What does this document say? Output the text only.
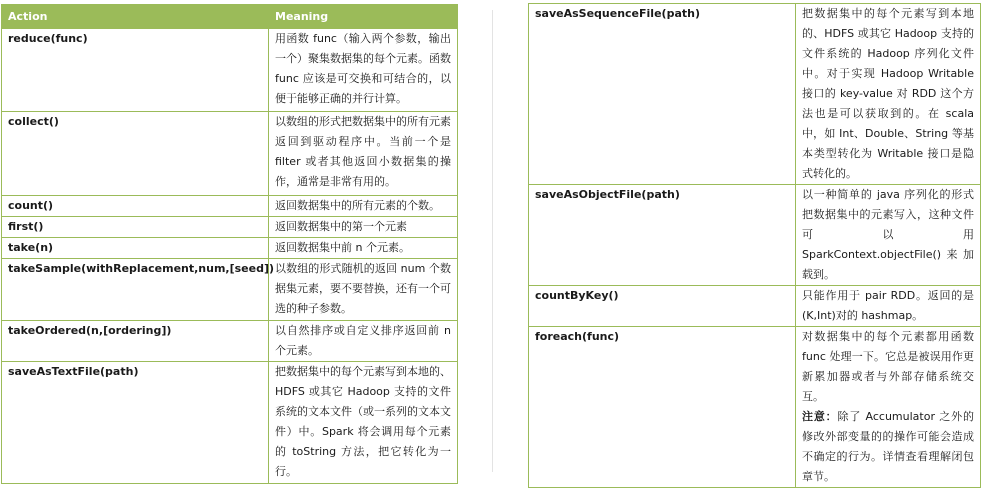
Action	Meaning
reduce(func)	用函数 func（输入两个参数，输出一个）聚集数据集的每个元素。函数 func 应该是可交换和可结合的，以便于能够正确的并行计算。
collect()	以数组的形式把数据集中的所有元素返回到驱动程序中。当前一个是 filter 或者其他返回小数据集的操作，通常是非常有用的。
count()	返回数据集中的所有元素的个数。
first()	返回数据集中的第一个元素
take(n)	返回数据集中前 n 个元素。
takeSample(withReplacement,num,[seed])	以数组的形式随机的返回 num 个数据集元素，要不要替换，还有一个可选的种子参数。
takeOrdered(n,[ordering])	以自然排序或自定义排序返回前 n 个元素。
saveAsTextFile(path)	把数据集中的每个元素写到本地的、HDFS 或其它 Hadoop 支持的文件系统的文本文件（或一系列的文本文件）中。Spark 将会调用每个元素的 toString 方法，把它转化为一行。
saveAsSequenceFile(path)	把数据集中的每个元素写到本地的、HDFS 或其它 Hadoop 支持的文件系统的 Hadoop 序列化文件中。对于实现 Hadoop Writable 接口的 key-value 对 RDD 这个方法也是可以获取到的。在 scala 中，如 Int、Double、String 等基本类型转化为 Writable 接口是隐式转化的。
saveAsObjectFile(path)	以一种简单的 java 序列化的形式把数据集中的元素写入，这种文件可以用 SparkContext.objectFile()来加载到。
countByKey()	只能作用于 pair RDD。返回的是(K,Int)对的 hashmap。
foreach(func)	对数据集中的每个元素都用函数 func 处理一下。它总是被误用作更新累加器或者与外部存储系统交互。
注意：除了 Accumulator 之外的修改外部变量的的操作可能会造成不确定的行为。详情查看理解闭包章节。
